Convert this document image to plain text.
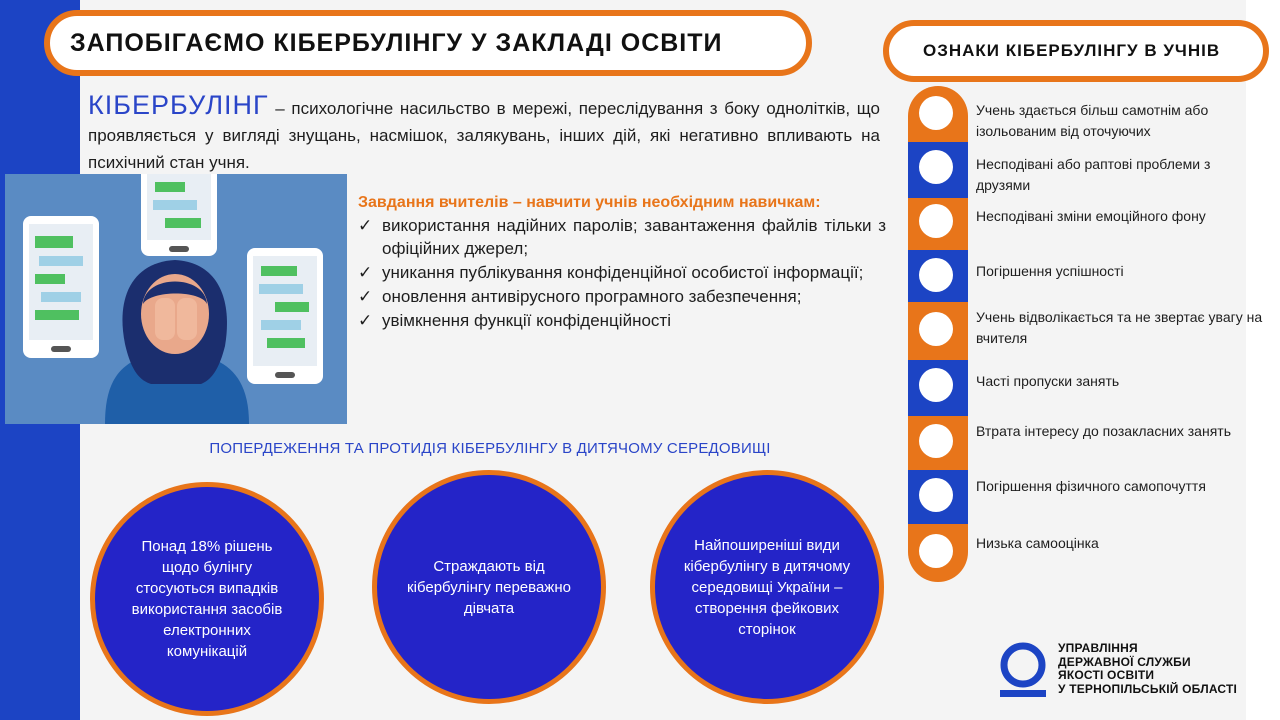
ЗАПОБІГАЄМО КІБЕРБУЛІНГУ У ЗАКЛАДІ ОСВІТИ	ОЗНАКИ КІБЕРБУЛІНГУ В УЧНІВ
КІБЕРБУЛІНГ – психологічне насильство в мережі, переслідування з боку однолітків, що проявляється у вигляді знущань, насмішок, залякувань, інших дій, які негативно впливають на психічний стан учня.
Завдання вчителів – навчити учнів необхідним навичкам:
✓ використання надійних паролів; завантаження файлів тільки з офіційних джерел;
✓ уникання публікування конфіденційної особистої інформації;
✓ оновлення антивірусного програмного забезпечення;
✓ увімкнення функції конфіденційності
ПОПЕРДЕЖЕННЯ ТА ПРОТИДІЯ КІБЕРБУЛІНГУ В ДИТЯЧОМУ СЕРЕДОВИЩІ
Понад 18% рішень щодо булінгу стосуються випадків використання засобів електронних комунікацій
Страждають від кібербулінгу переважно дівчата
Найпоширеніші види кібербулінгу в дитячому середовищі України – створення фейкових сторінок
Учень здається більш самотнім або ізольованим від оточуючих
Несподівані або раптові проблеми з друзями
Несподівані зміни емоційного фону
Погіршення успішності
Учень відволікається та не звертає увагу на вчителя
Часті пропуски занять
Втрата інтересу до позакласних занять
Погіршення фізичного самопочуття
Низька самооцінка
УПРАВЛІННЯ
ДЕРЖАВНОЇ СЛУЖБИ
ЯКОСТІ ОСВІТИ
У ТЕРНОПІЛЬСЬКІЙ ОБЛАСТІ
